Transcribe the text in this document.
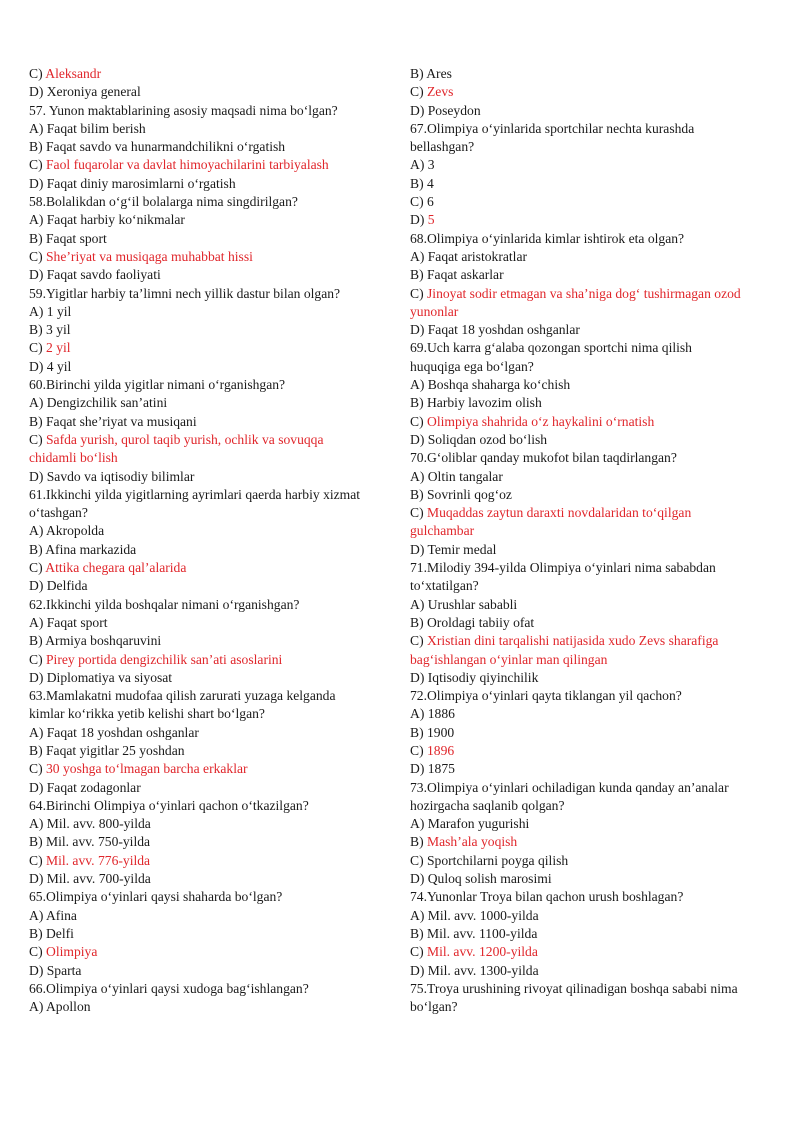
C) Aleksandr
D) Xeroniya general
57. Yunon maktablarining asosiy maqsadi nima bo‘lgan?
A) Faqat bilim berish
B) Faqat savdo va hunarmandchilikni o‘rgatish
C) Faol fuqarolar va davlat himoyachilarini tarbiyalash
D) Faqat diniy marosimlarni o‘rgatish
58.Bolalikdan o‘g‘il bolalarga nima singdirilgan?
A) Faqat harbiy ko‘nikmalar
B) Faqat sport
C) She’riyat va musiqaga muhabbat hissi
D) Faqat savdo faoliyati
59.Yigitlar harbiy ta’limni nech yillik dastur bilan olgan?
A) 1 yil
B) 3 yil
C) 2 yil
D) 4 yil
60.Birinchi yilda yigitlar nimani o‘rganishgan?
A) Dengizchilik san’atini
B) Faqat she’riyat va musiqani
C) Safda yurish, qurol taqib yurish, ochlik va sovuqqa
chidamli bo‘lish
D) Savdo va iqtisodiy bilimlar
61.Ikkinchi yilda yigitlarning ayrimlari qaerda harbiy xizmat
o‘tashgan?
A) Akropolda
B) Afina markazida
C) Attika chegara qal’alarida
D) Delfida
62.Ikkinchi yilda boshqalar nimani o‘rganishgan?
A) Faqat sport
B) Armiya boshqaruvini
C) Pirey portida dengizchilik san’ati asoslarini
D) Diplomatiya va siyosat
63.Mamlakatni mudofaa qilish zarurati yuzaga kelganda
kimlar ko‘rikka yetib kelishi shart bo‘lgan?
A) Faqat 18 yoshdan oshganlar
B) Faqat yigitlar 25 yoshdan
C) 30 yoshga to‘lmagan barcha erkaklar
D) Faqat zodagonlar
64.Birinchi Olimpiya o‘yinlari qachon o‘tkazilgan?
A) Mil. avv. 800-yilda
B) Mil. avv. 750-yilda
C) Mil. avv. 776-yilda
D) Mil. avv. 700-yilda
65.Olimpiya o‘yinlari qaysi shaharda bo‘lgan?
A) Afina
B) Delfi
C) Olimpiya
D) Sparta
66.Olimpiya o‘yinlari qaysi xudoga bag‘ishlangan?
A) Apollon
B) Ares
C) Zevs
D) Poseydon
67.Olimpiya o‘yinlarida sportchilar nechta kurashda
bellashgan?
A) 3
B) 4
C) 6
D) 5
68.Olimpiya o‘yinlarida kimlar ishtirok eta olgan?
A) Faqat aristokratlar
B) Faqat askarlar
C) Jinoyat sodir etmagan va sha’niga dog‘ tushirmagan ozod
yunonlar
D) Faqat 18 yoshdan oshganlar
69.Uch karra g‘alaba qozongan sportchi nima qilish
huquqiga ega bo‘lgan?
A) Boshqa shaharga ko‘chish
B) Harbiy lavozim olish
C) Olimpiya shahrida o‘z haykalini o‘rnatish
D) Soliqdan ozod bo‘lish
70.G‘oliblar qanday mukofot bilan taqdirlangan?
A) Oltin tangalar
B) Sovrinli qog‘oz
C) Muqaddas zaytun daraxti novdalaridan to‘qilgan
gulchambar
D) Temir medal
71.Milodiy 394-yilda Olimpiya o‘yinlari nima sababdan
to‘xtatilgan?
A) Urushlar sababli
B) Oroldagi tabiiy ofat
C) Xristian dini tarqalishi natijasida xudo Zevs sharafiga
bag‘ishlangan o‘yinlar man qilingan
D) Iqtisodiy qiyinchilik
72.Olimpiya o‘yinlari qayta tiklangan yil qachon?
A) 1886
B) 1900
C) 1896
D) 1875
73.Olimpiya o‘yinlari ochiladigan kunda qanday an’analar
hozirgacha saqlanib qolgan?
A) Marafon yugurishi
B) Mash’ala yoqish
C) Sportchilarni poyga qilish
D) Quloq solish marosimi
74.Yunonlar Troya bilan qachon urush boshlagan?
A) Mil. avv. 1000-yilda
B) Mil. avv. 1100-yilda
C) Mil. avv. 1200-yilda
D) Mil. avv. 1300-yilda
75.Troya urushining rivoyat qilinadigan boshqa sababi nima
bo‘lgan?
